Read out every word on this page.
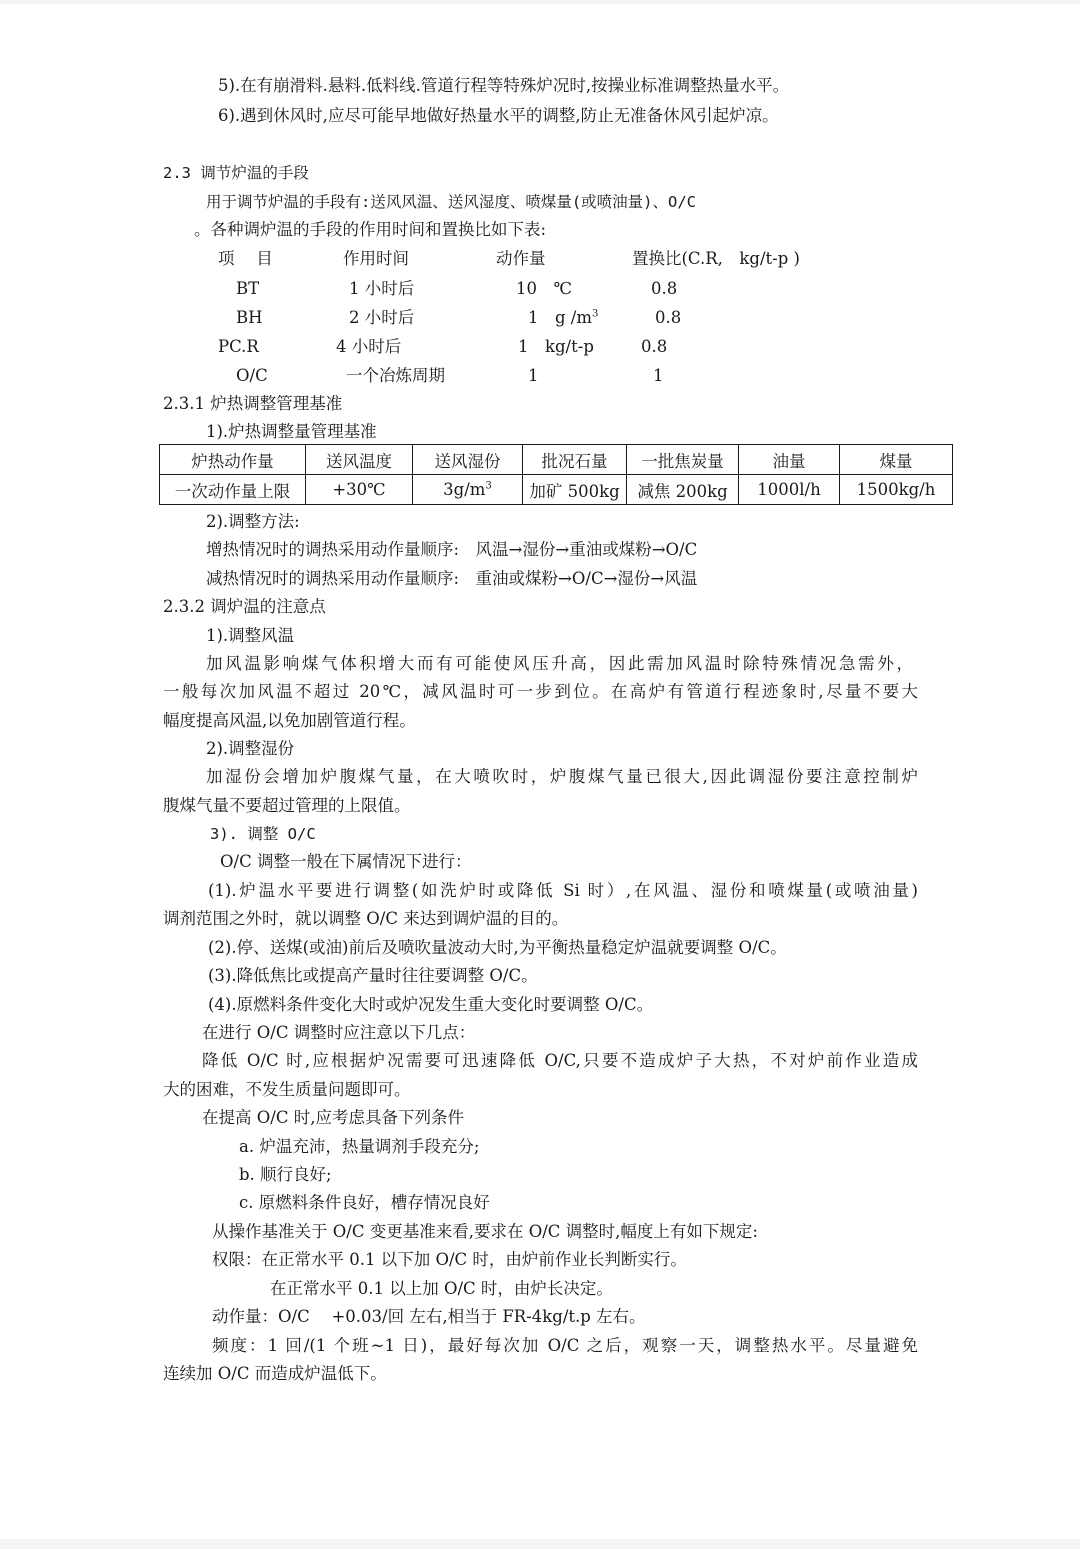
5).在有崩滑料.悬料.低料线.管道行程等特殊炉况时,按操业标准调整热量水平。
6).遇到休风时,应尽可能早地做好热量水平的调整,防止无准备休风引起炉凉。
2.3 调节炉温的手段
用于调节炉温的手段有:送风风温、送风湿度、喷煤量(或喷油量)、O/C
。各种调炉温的手段的作用时间和置换比如下表:
项　 目	作用时间	动作量	置换比(C.R,　kg/t-p )
BT	1 小时后	10　℃	0.8
BH	2 小时后	1　g $/m^3$	0.8
PC.R	4 小时后	1　kg/t-p	0.8
O/C	一个冶炼周期	1	1
2.3.1 炉热调整管理基准
1).炉热调整量管理基准
炉热动作量	送风温度	送风湿份	批况石量	一批焦炭量	油量	煤量
一次动作量上限	+30℃	$3g/m^3$	加矿 500kg	减焦 200kg	1000l/h	1500kg/h
2).调整方法:
增热情况时的调热采用动作量顺序:　风温→湿份→重油或煤粉→O/C
减热情况时的调热采用动作量顺序:　重油或煤粉→O/C→湿份→风温
2.3.2 调炉温的注意点
1).调整风温
加风温影响煤气体积增大而有可能使风压升高，因此需加风温时除特殊情况急需外，
一般每次加风温不超过 20℃，减风温时可一步到位。在高炉有管道行程迹象时,尽量不要大
幅度提高风温,以免加剧管道行程。
2).调整湿份
加湿份会增加炉腹煤气量，在大喷吹时，炉腹煤气量已很大,因此调湿份要注意控制炉
腹煤气量不要超过管理的上限值。
3). 调整 O/C
O/C 调整一般在下属情况下进行：
(1).炉温水平要进行调整(如洗炉时或降低 Si 时）,在风温、湿份和喷煤量(或喷油量)
调剂范围之外时，就以调整 O/C 来达到调炉温的目的。
(2).停、送煤(或油)前后及喷吹量波动大时,为平衡热量稳定炉温就要调整 O/C。
(3).降低焦比或提高产量时往往要调整 O/C。
(4).原燃料条件变化大时或炉况发生重大变化时要调整 O/C。
在进行 O/C 调整时应注意以下几点：
降低 O/C 时,应根据炉况需要可迅速降低 O/C,只要不造成炉子大热，不对炉前作业造成
大的困难，不发生质量问题即可。
在提高 O/C 时,应考虑具备下列条件
a. 炉温充沛，热量调剂手段充分;
b. 顺行良好;
c. 原燃料条件良好，槽存情况良好
从操作基准关于 O/C 变更基准来看,要求在 O/C 调整时,幅度上有如下规定:
权限：在正常水平 0.1 以下加 O/C 时，由炉前作业长判断实行。
在正常水平 0.1 以上加 O/C 时，由炉长决定。
动作量：O/C　 +0.03/回 左右,相当于 FR-4kg/t.p 左右。
频度：1 回/(1 个班~1 日)，最好每次加 O/C 之后，观察一天，调整热水平。尽量避免
连续加 O/C 而造成炉温低下。
